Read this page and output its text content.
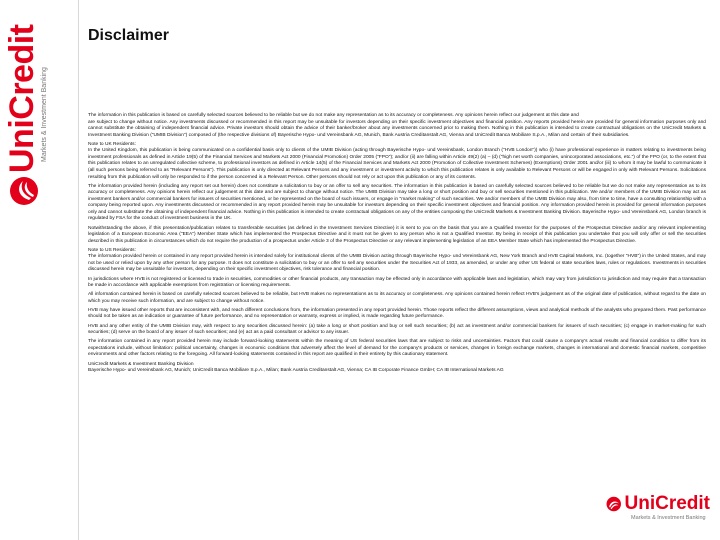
UniCredit Markets & Investment Banking
Disclaimer

The information in this publication is based on carefully selected sources believed to be reliable but we do not make any representation as to its accuracy or completeness. Any opinions herein reflect our judgement at this date and

are subject to change without notice. Any investments discussed or recommended in this report may be unsuitable for investors depending on their specific investment objectives and financial position. Any reports provided herein are provided for general information purposes only and cannot substitute the obtaining of independent financial advice. Private investors should obtain the advice of their banker/broker about any investments concerned prior to making them. Nothing in this publication is intended to create contractual obligations on the UniCredit Markets & Investment Banking Division ("UMIB Division") composed of (the respective divisions of) Bayerische Hypo- und Vereinsbank AG, Munich, Bank Austria Creditanstalt AG, Vienna and UniCredit Banca Mobiliare S.p.A., Milan and certain of their subsidiaries.

Note to UK Residents:

In the United Kingdom, this publication is being communicated on a confidential basis only to clients of the UMIB Division (acting through Bayerische Hypo- und Vereinsbank, London Branch ("HVB London")) who (i) have professional experience in matters relating to investments being investment professionals as defined in Article 19(5) of the Financial Services and Markets Act 2000 (Financial Promotion) Order 2005 ("FPO"); and/or (ii) are falling within Article 49(2) (a) – (d) ("high net worth companies, unincorporated associations, etc.") of the FPO (or, to the extent that this publication relates to an unregulated collective scheme, to professional investors as defined in Article 14(5) of the Financial Services and Markets Act 2000 (Promotion of Collective Investment Schemes) (Exemptions) Order 2001 and/or (iii) to whom it may be lawful to communicate it (all such persons being referred to as "Relevant Persons"). This publication is only directed at Relevant Persons and any investment or investment activity to which this publication relates is only available to Relevant Persons or will be engaged in only with Relevant Persons. Solicitations resulting from this publication will only be responded to if the person concerned is a Relevant Person. Other persons should not rely or act upon this publication or any of its contents.

The information provided herein (including any report set out herein) does not constitute a solicitation to buy or an offer to sell any securities. The information in this publication is based on carefully selected sources believed to be reliable but we do not make any representation as to its accuracy or completeness. Any opinions herein reflect our judgement at this date and are subject to change without notice. The UMIB Division may take a long or short position and buy or sell securities mentioned in this publication. We and/or members of the UMIB Division may act as investment bankers and/or commercial bankers for issuers of securities mentioned, or be represented on the board of such issuers, or engage in "market making" of such securities. We and/or members of the UMIB Division may also, from time to time, have a consulting relationship with a company being reported upon. Any investments discussed or recommended in any report provided herein may be unsuitable for investors depending on their specific investment objectives and financial position. Any information provided herein is provided for general information purposes only and cannot substitute the obtaining of independent financial advice. Nothing in this publication is intended to create contractual obligations on any of the entities composing the UniCredit Markets & Investment Banking Division. Bayerische Hypo- und Vereinsbank AG, London branch is regulated by FSA for the conduct of investment business in the UK.

Notwithstanding the above, if this presentation/publication relates to transferable securities (as defined in the Investment Services Directive) it is sent to you on the basis that you are a Qualified Investor for the purposes of the Prospectus Directive and/or any relevant implementing legislation of a European Economic Area ("EEA") Member State which has implemented the Prospectus Directive and it must not be given to any person who is not a Qualified Investor. By being in receipt of this publication you undertake that you will only offer or sell the securities described in this publication in circumstances which do not require the production of a prospectus under Article 3 of the Prospectus Directive or any relevant implementing legislation of an EEA Member State which has implemented the Prospectus Directive.

Note to US Residents:

The information provided herein or contained in any report provided herein is intended solely for institutional clients of the UMIB Division acting through Bayerische Hypo- und Vereinsbank AG, New York Branch and HVB Capital Markets, Inc. (together "HVB") in the United States, and may not be used or relied upon by any other person for any purpose. It does not constitute a solicitation to buy or an offer to sell any securities under the Securities Act of 1933, as amended, or under any other US federal or state securities laws, rules or regulations. Investments in securities discussed herein may be unsuitable for investors, depending on their specific investment objectives, risk tolerance and financial position.

In jurisdictions where HVB is not registered or licensed to trade in securities, commodities or other financial products, any transaction may be effected only in accordance with applicable laws and legislation, which may vary from jurisdiction to jurisdiction and may require that a transaction be made in accordance with applicable exemptions from registration or licensing requirements.

All information contained herein is based on carefully selected sources believed to be reliable, but HVB makes no representations as to its accuracy or completeness. Any opinions contained herein reflect HVB's judgement as of the original date of publication, without regard to the date on which you may receive such information, and are subject to change without notice.

HVB may have issued other reports that are inconsistent with, and reach different conclusions from, the information presented in any report provided herein. Those reports reflect the different assumptions, views and analytical methods of the analysts who prepared them. Past performance should not be taken as an indication or guarantee of future performance, and no representation or warranty, express or implied, is made regarding future performance.

HVB and any other entity of the UMIB Division may, with respect to any securities discussed herein: (a) take a long or short position and buy or sell such securities; (b) act as investment and/or commercial bankers for issuers of such securities; (c) engage in market-making for such securities; (d) serve on the board of any issuer of such securities; and (e) act as a paid consultant or advisor to any issuer.

The information contained in any report provided herein may include forward-looking statements within the meaning of US federal securities laws that are subject to risks and uncertainties. Factors that could cause a company's actual results and financial condition to differ from its expectations include, without limitation: political uncertainty, changes in economic conditions that adversely affect the level of demand for the company's products or services, changes in foreign exchange markets, changes in international and domestic financial markets, competitive environments and other factors relating to the foregoing. All forward-looking statements contained in this report are qualified in their entirety by this cautionary statement.

UniCredit Markets & Investment Banking Division

Bayerische Hypo- und Vereinsbank AG, Munich; UniCredit Banca Mobiliare S.p.A., Milan; Bank Austria Creditanstalt AG, Vienna; CA IB Corporate Finance GmbH; CA IB International Markets AG

UniCredit
Markets & Investment Banking
